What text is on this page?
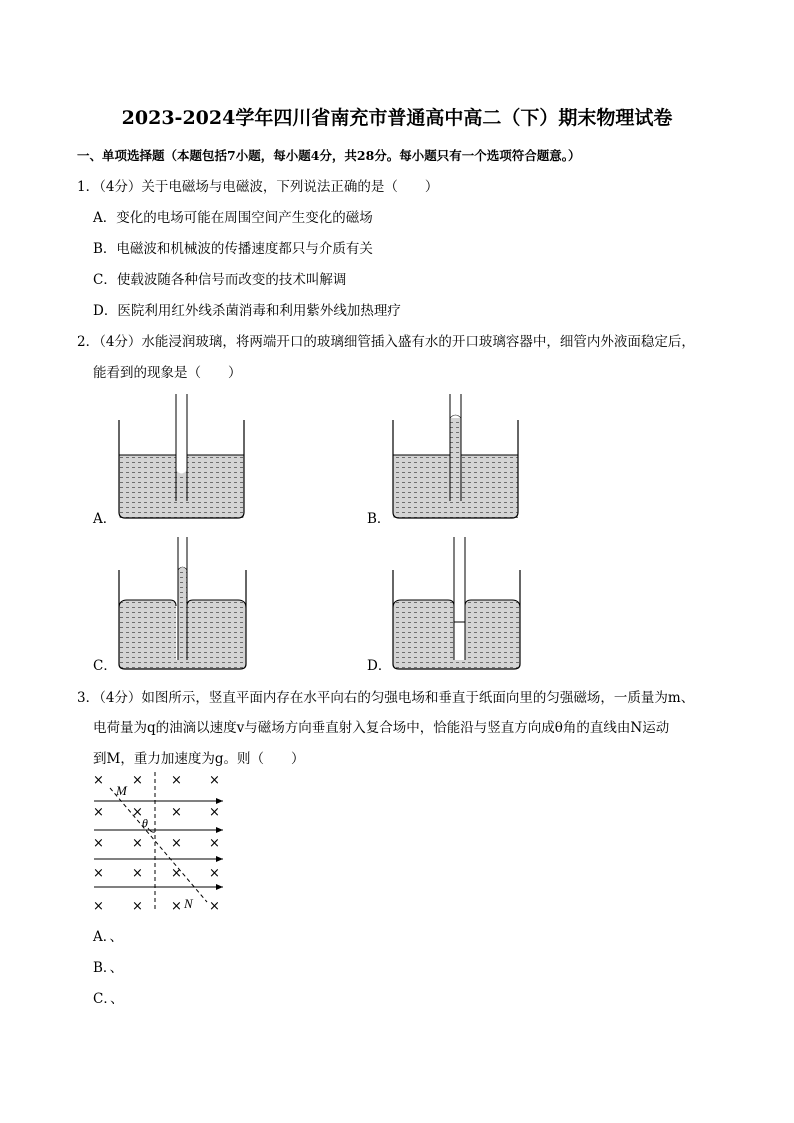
2023-2024学年四川省南充市普通高中高二（下）期末物理试卷
一、单项选择题（本题包括7小题，每小题4分，共28分。每小题只有一个选项符合题意。）
1．（4分）关于电磁场与电磁波，下列说法正确的是（　　）
A．变化的电场可能在周围空间产生变化的磁场
B．电磁波和机械波的传播速度都只与介质有关
C．使载波随各种信号而改变的技术叫解调
D．医院利用红外线杀菌消毒和利用紫外线加热理疗
2．（4分）水能浸润玻璃，将两端开口的玻璃细管插入盛有水的开口玻璃容器中，细管内外液面稳定后，
能看到的现象是（　　）
A．	B．
C．	D．
3．（4分）如图所示，竖直平面内存在水平向右的匀强电场和垂直于纸面向里的匀强磁场，一质量为m、
电荷量为q的油滴以速度v与磁场方向垂直射入复合场中，恰能沿与竖直方向成θ角的直线由N运动
到M，重力加速度为g。则（　　）
× × × ×
×	× ×
× × × ×
× × × ×
× × × ×
×
M
θ
N
A．、
B．、
C．、
